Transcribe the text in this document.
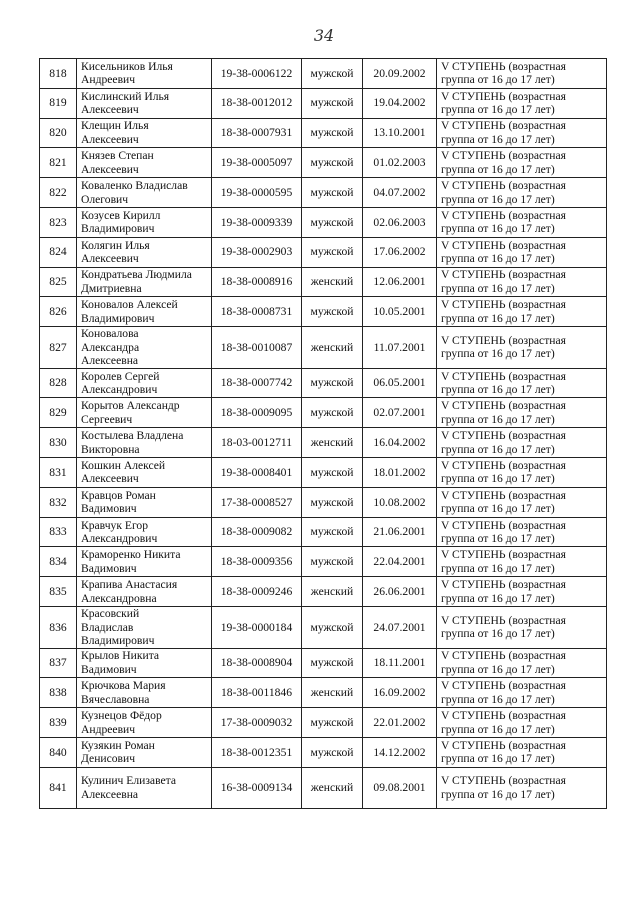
34
818	Кисельников Илья
Андреевич	19-38-0006122	мужской	20.09.2002	V СТУПЕНЬ (возрастная
группа от 16 до 17 лет)

819	Кислинский Илья
Алексеевич	18-38-0012012	мужской	19.04.2002	V СТУПЕНЬ (возрастная
группа от 16 до 17 лет)

820	Клещин Илья
Алексеевич	18-38-0007931	мужской	13.10.2001	V СТУПЕНЬ (возрастная
группа от 16 до 17 лет)

821	Князев Степан
Алексеевич	19-38-0005097	мужской	01.02.2003	V СТУПЕНЬ (возрастная
группа от 16 до 17 лет)

822	Коваленко Владислав
Олегович	19-38-0000595	мужской	04.07.2002	V СТУПЕНЬ (возрастная
группа от 16 до 17 лет)

823	Козусев Кирилл
Владимирович	19-38-0009339	мужской	02.06.2003	V СТУПЕНЬ (возрастная
группа от 16 до 17 лет)

824	Колягин Илья
Алексеевич	19-38-0002903	мужской	17.06.2002	V СТУПЕНЬ (возрастная
группа от 16 до 17 лет)

825	Кондратьева Людмила
Дмитриевна	18-38-0008916	женский	12.06.2001	V СТУПЕНЬ (возрастная
группа от 16 до 17 лет)

826	Коновалов Алексей
Владимирович	18-38-0008731	мужской	10.05.2001	V СТУПЕНЬ (возрастная
группа от 16 до 17 лет)

827	Коновалова
Александра
Алексеевна	18-38-0010087	женский	11.07.2001	V СТУПЕНЬ (возрастная
группа от 16 до 17 лет)

828	Королев Сергей
Александрович	18-38-0007742	мужской	06.05.2001	V СТУПЕНЬ (возрастная
группа от 16 до 17 лет)

829	Корытов Александр
Сергеевич	18-38-0009095	мужской	02.07.2001	V СТУПЕНЬ (возрастная
группа от 16 до 17 лет)

830	Костылева Владлена
Викторовна	18-03-0012711	женский	16.04.2002	V СТУПЕНЬ (возрастная
группа от 16 до 17 лет)

831	Кошкин Алексей
Алексеевич	19-38-0008401	мужской	18.01.2002	V СТУПЕНЬ (возрастная
группа от 16 до 17 лет)

832	Кравцов Роман
Вадимович	17-38-0008527	мужской	10.08.2002	V СТУПЕНЬ (возрастная
группа от 16 до 17 лет)

833	Кравчук Егор
Александрович	18-38-0009082	мужской	21.06.2001	V СТУПЕНЬ (возрастная
группа от 16 до 17 лет)

834	Краморенко Никита
Вадимович	18-38-0009356	мужской	22.04.2001	V СТУПЕНЬ (возрастная
группа от 16 до 17 лет)

835	Крапива Анастасия
Александровна	18-38-0009246	женский	26.06.2001	V СТУПЕНЬ (возрастная
группа от 16 до 17 лет)

836	Красовский
Владислав
Владимирович	19-38-0000184	мужской	24.07.2001	V СТУПЕНЬ (возрастная
группа от 16 до 17 лет)

837	Крылов Никита
Вадимович	18-38-0008904	мужской	18.11.2001	V СТУПЕНЬ (возрастная
группа от 16 до 17 лет)

838	Крючкова Мария
Вячеславовна	18-38-0011846	женский	16.09.2002	V СТУПЕНЬ (возрастная
группа от 16 до 17 лет)

839	Кузнецов Фёдор
Андреевич	17-38-0009032	мужской	22.01.2002	V СТУПЕНЬ (возрастная
группа от 16 до 17 лет)

840	Кузякин Роман
Денисович	18-38-0012351	мужской	14.12.2002	V СТУПЕНЬ (возрастная
группа от 16 до 17 лет)

841	Кулинич Елизавета
Алексеевна	16-38-0009134	женский	09.08.2001	V СТУПЕНЬ (возрастная
группа от 16 до 17 лет)
